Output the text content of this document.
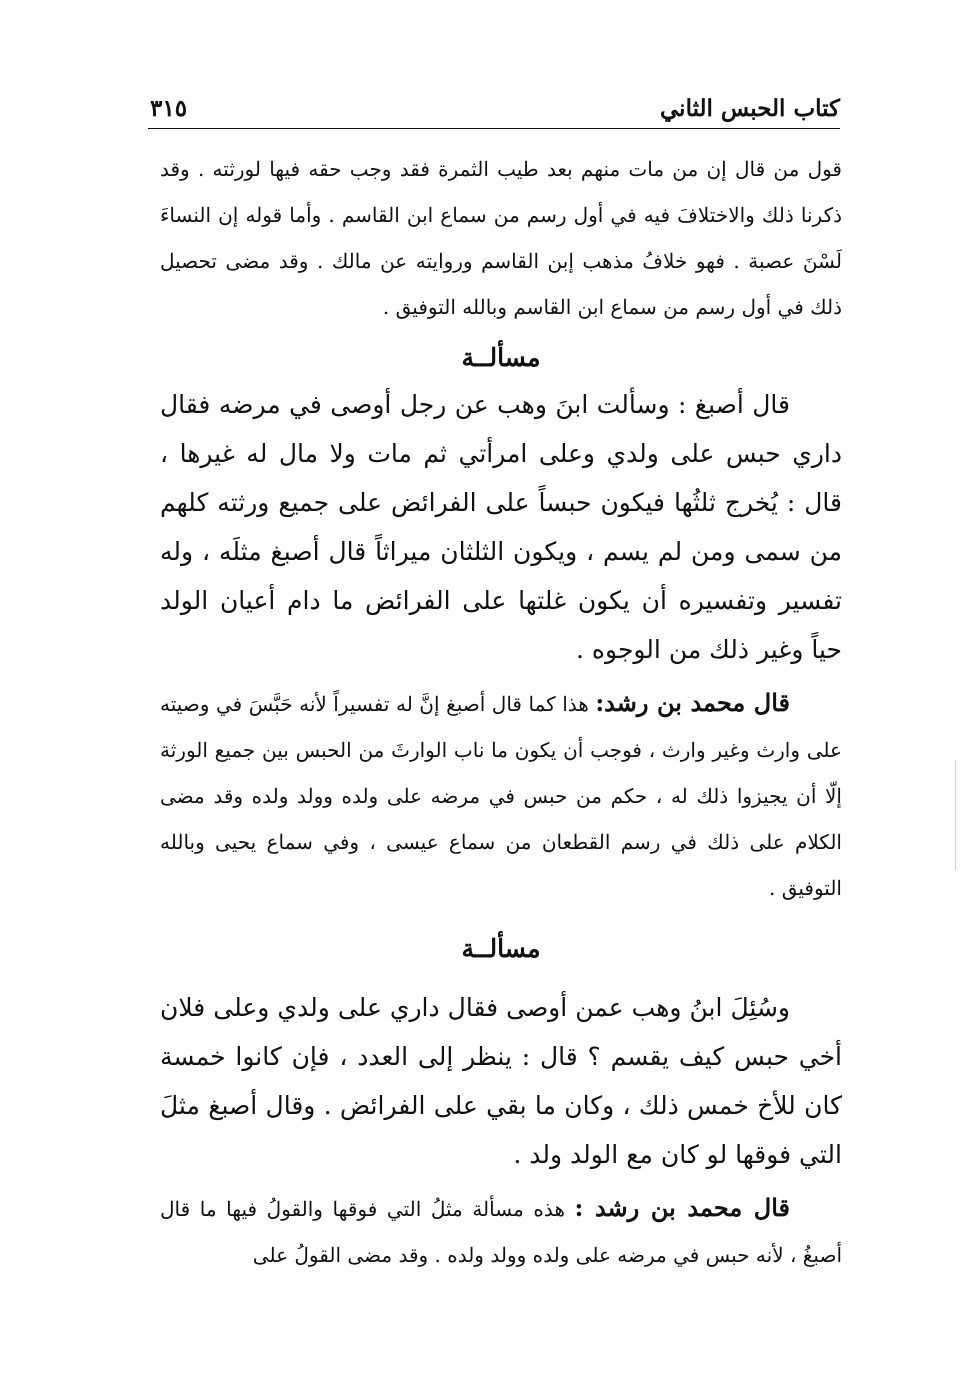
كتاب الحبس الثاني
٣١٥

قول من قال إن من مات منهم بعد طيب الثمرة فقد وجب حقه فيها لورثته . وقد ذكرنا ذلك والاختلافَ فيه في أول رسم من سماع ابن القاسم . وأما قوله إن النساءَ لَسْنَ عصبة . فهو خلافُ مذهب إبن القاسم وروايته عن مالك . وقد مضى تحصيل ذلك في أول رسم من سماع ابن القاسم وبالله التوفيق .

مسألــة

قال أصبغ : وسألت ابنَ وهب عن رجل أوصى في مرضه فقال داري حبس على ولدي وعلى امرأتي ثم مات ولا مال له غيرها ، قال : يُخرج ثلثُها فيكون حبساً على الفرائض على جميع ورثته كلهم من سمى ومن لم يسم ، ويكون الثلثان ميراثاً قال أصبغ مثلَه ، وله تفسير وتفسيره أن يكون غلتها على الفرائض ما دام أعيان الولد حياً وغير ذلك من الوجوه .

قال محمد بن رشد: هذا كما قال أصبغ إنَّ له تفسيراً لأنه حَبَّسَ في وصيته على وارث وغير وارث ، فوجب أن يكون ما ناب الوارثَ من الحبس بين جميع الورثة إلّا أن يجيزوا ذلك له ، حكم من حبس في مرضه على ولده وولد ولده وقد مضى الكلام على ذلك في رسم القطعان من سماع عيسى ، وفي سماع يحيى وبالله التوفيق .

مسألــة

وسُئِلَ ابنُ وهب عمن أوصى فقال داري على ولدي وعلى فلان أخي حبس كيف يقسم ؟ قال : ينظر إلى العدد ، فإن كانوا خمسة كان للأخ خمس ذلك ، وكان ما بقي على الفرائض . وقال أصبغ مثلَ التي فوقها لو كان مع الولد ولد .

قال محمد بن رشد : هذه مسألة مثلُ التي فوقها والقولُ فيها ما قال أصبغُ ، لأنه حبس في مرضه على ولده وولد ولده . وقد مضى القولُ على
